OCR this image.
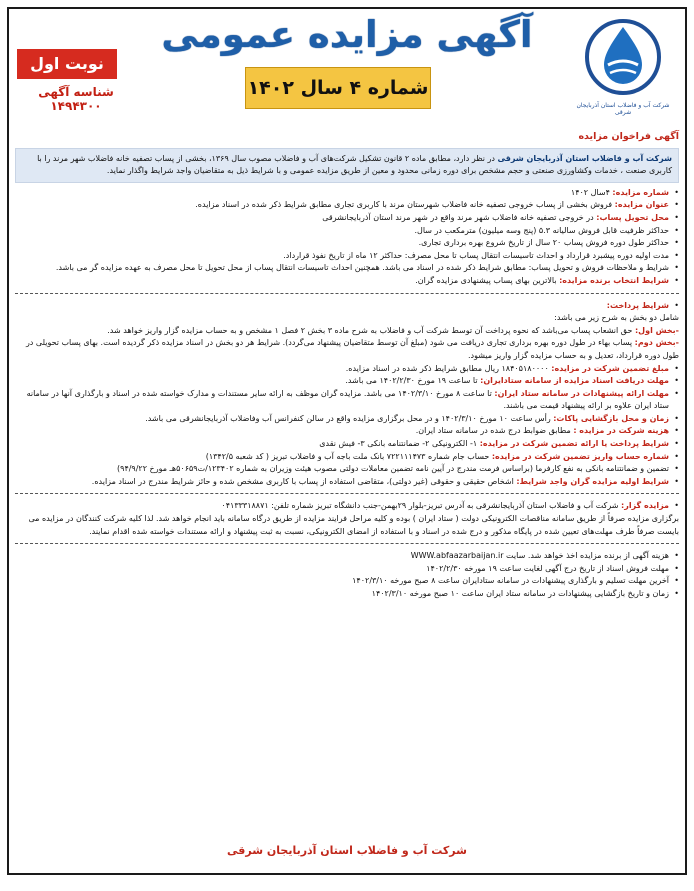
شرکت آب و فاضلاب استان آذربایجان شرقی
آگهی مزایده عمومی
شماره ۴ سال ۱۴۰۲
نوبت اول
شناسه آگهی ۱۴۹۴۳۰۰

آگهی فراخوان مزایده

شرکت آب و فاضلاب استان آذربایجان شرقی در نظر دارد، مطابق ماده ۲ قانون تشکیل شرکت‌های آب و فاضلاب مصوب سال ۱۳۶۹، بخشی از پساب تصفیه خانه فاضلاب شهر مرند را با کاربری صنعت ، خدمات وکشاورزی صنعتی و حجم مشخص برای دوره زمانی محدود و معین از طریق مزایده عمومی و با شرایط ذیل به متقاضیان واجد شرایط واگذار نماید.

• شماره مزایده: ۴سال ۱۴۰۲

• عنوان مزایده: فروش بخشی از پساب خروجی تصفیه خانه فاضلاب شهرستان مرند با کاربری تجاری مطابق شرایط ذکر شده در اسناد مزایده.

• محل تحویل پساب: در خروجی تصفیه خانه فاضلاب شهر مرند واقع در شهر مرند استان آذربایجانشرقی

• حداکثر ظرفیت قابل فروش سالیانه ۵.۳ (پنج وسه میلیون) مترمکعب در سال.

• حداکثر طول دوره فروش پساب ۲۰ سال از تاریخ شروع بهره برداری تجاری.

• مدت اولیه دوره پیشبرد قرارداد و احداث تاسیسات انتقال پساب تا محل مصرف: حداکثر ۱۲ ماه از تاریخ نفوذ قرارداد.

• شرایط و ملاحظات فروش و تحویل پساب: مطابق شرایط ذکر شده در اسناد می باشد. همچنین احداث تاسیسات انتقال پساب از محل تحویل تا محل مصرف به عهده مزایده گر می باشد.

• شرایط انتخاب برنده مزایده: بالاترین بهای پساب پیشنهادی مزایده گران.

• شرایط پرداخت:

شامل دو بخش به شرح زیر می باشد:

-بخش اول: حق انشعاب پساب می‌باشد که نحوه پرداخت آن توسط شرکت آب و فاضلاب به شرح ماده ۳ بخش ۲ فصل ۱ مشخص و به حساب مزایده گزار واریز خواهد شد.

-بخش دوم: پساب بهاء در طول دوره بهره برداری تجاری دریافت می شود (مبلغ آن توسط متقاضیان پیشنهاد می‌گردد). شرایط هر دو بخش در اسناد مزایده ذکر گردیده است. بهای پساب تحویلی در طول دوره قرارداد، تعدیل و به حساب مزایده گزار واریز میشود.

• مبلغ تضمین شرکت در مزایده: ۱۸۴۰۵۱۸۰۰۰۰ ریال مطابق شرایط ذکر شده در اسناد مزایده.

• مهلت دریافت اسناد مزایده از سامانه ستادایران: تا ساعت ۱۹ مورخ ۱۴۰۲/۲/۳۰ می باشد.

• مهلت ارائه پیشنهادات در سامانه ستاد ایران: تا ساعت ۸ مورخ ۱۴۰۲/۳/۱۰ می باشد. مزایده گران موظف به ارائه سایر مستندات و مدارک خواسته شده در اسناد و بارگذاری آنها در سامانه ستاد ایران علاوه بر ارائه پیشنهاد قیمت می باشند.

• زمان و محل بازگشایی پاکات: رأس ساعت ۱۰ مورخ ۱۴۰۲/۳/۱۰ و در محل برگزاری مزایده واقع در سالن کنفرانس آب وفاضلاب آذربایجانشرقی می باشد.

• هزینه شرکت در مزایده : مطابق ضوابط درج شده در سامانه ستاد ایران.

• شرایط پرداخت یا ارائه تضمین شرکت در مزایده: ۱- الکترونیکی ۲- ضمانتنامه بانکی ۳- فیش نقدی

• شماره حساب واریز تضمین شرکت در مزایده: حساب جام شماره ۷۲۲۱۱۱۴۷۳ بانک ملت باجه آب و فاضلاب تبریز ( کد شعبه ۱۳۴۲/۵)

• تضمین و ضمانتنامه بانکی به نفع کارفرما (براساس فرمت مندرج در آیین نامه تضمین معاملات دولتی مصوب هیئت وزیران به شماره ۱۲۳۴۰۲/ت۵۰۶۵۹هـ مورخ ۹۴/۹/۲۲)

• شرایط اولیه مزایده گران واجد شرایط: اشخاص حقیقی و حقوقی (غیر دولتی)، متقاضی استفاده از پساب با کاربری مشخص شده و حائز شرایط مندرج در اسناد مزایده.

• مزایده گزار: شرکت آب و فاضلاب استان آذربایجانشرقی به آدرس تبریز-بلوار ۲۹بهمن-جنب دانشگاه تبریز شماره تلفن: ۰۴۱۳۳۳۱۸۸۷۱

برگزاری مزایده صرفاً از طریق سامانه مناقصات الکترونیکی دولت ( ستاد ایران ) بوده و کلیه مراحل فرایند مزایده از طریق درگاه سامانه باید انجام خواهد شد. لذا کلیه شرکت کنندگان در مزایده می بایست صرفاً طرف مهلت‌های تعیین شده در پایگاه مذکور و درج شده در اسناد و با استفاده از امضای الکترونیکی، نسبت به ثبت پیشنهاد و ارائه مستندات خواسته شده اقدام نمایند.

• هزینه آگهی از برنده مزایده اخذ خواهد شد. سایت WWW.abfaazarbaijan.ir

• مهلت فروش اسناد از تاریخ درج آگهی لغایت ساعت ۱۹ مورخه ۱۴۰۲/۲/۳۰

• آخرین مهلت تسلیم و بارگذاری پیشنهادات در سامانه ستادایران ساعت ۸ صبح مورخه ۱۴۰۲/۳/۱۰

• زمان و تاریخ بازگشایی پیشنهادات در سامانه ستاد ایران ساعت ۱۰ صبح مورخه ۱۴۰۲/۳/۱۰

شرکت آب و فاضلاب استان آذربایجان شرقی
